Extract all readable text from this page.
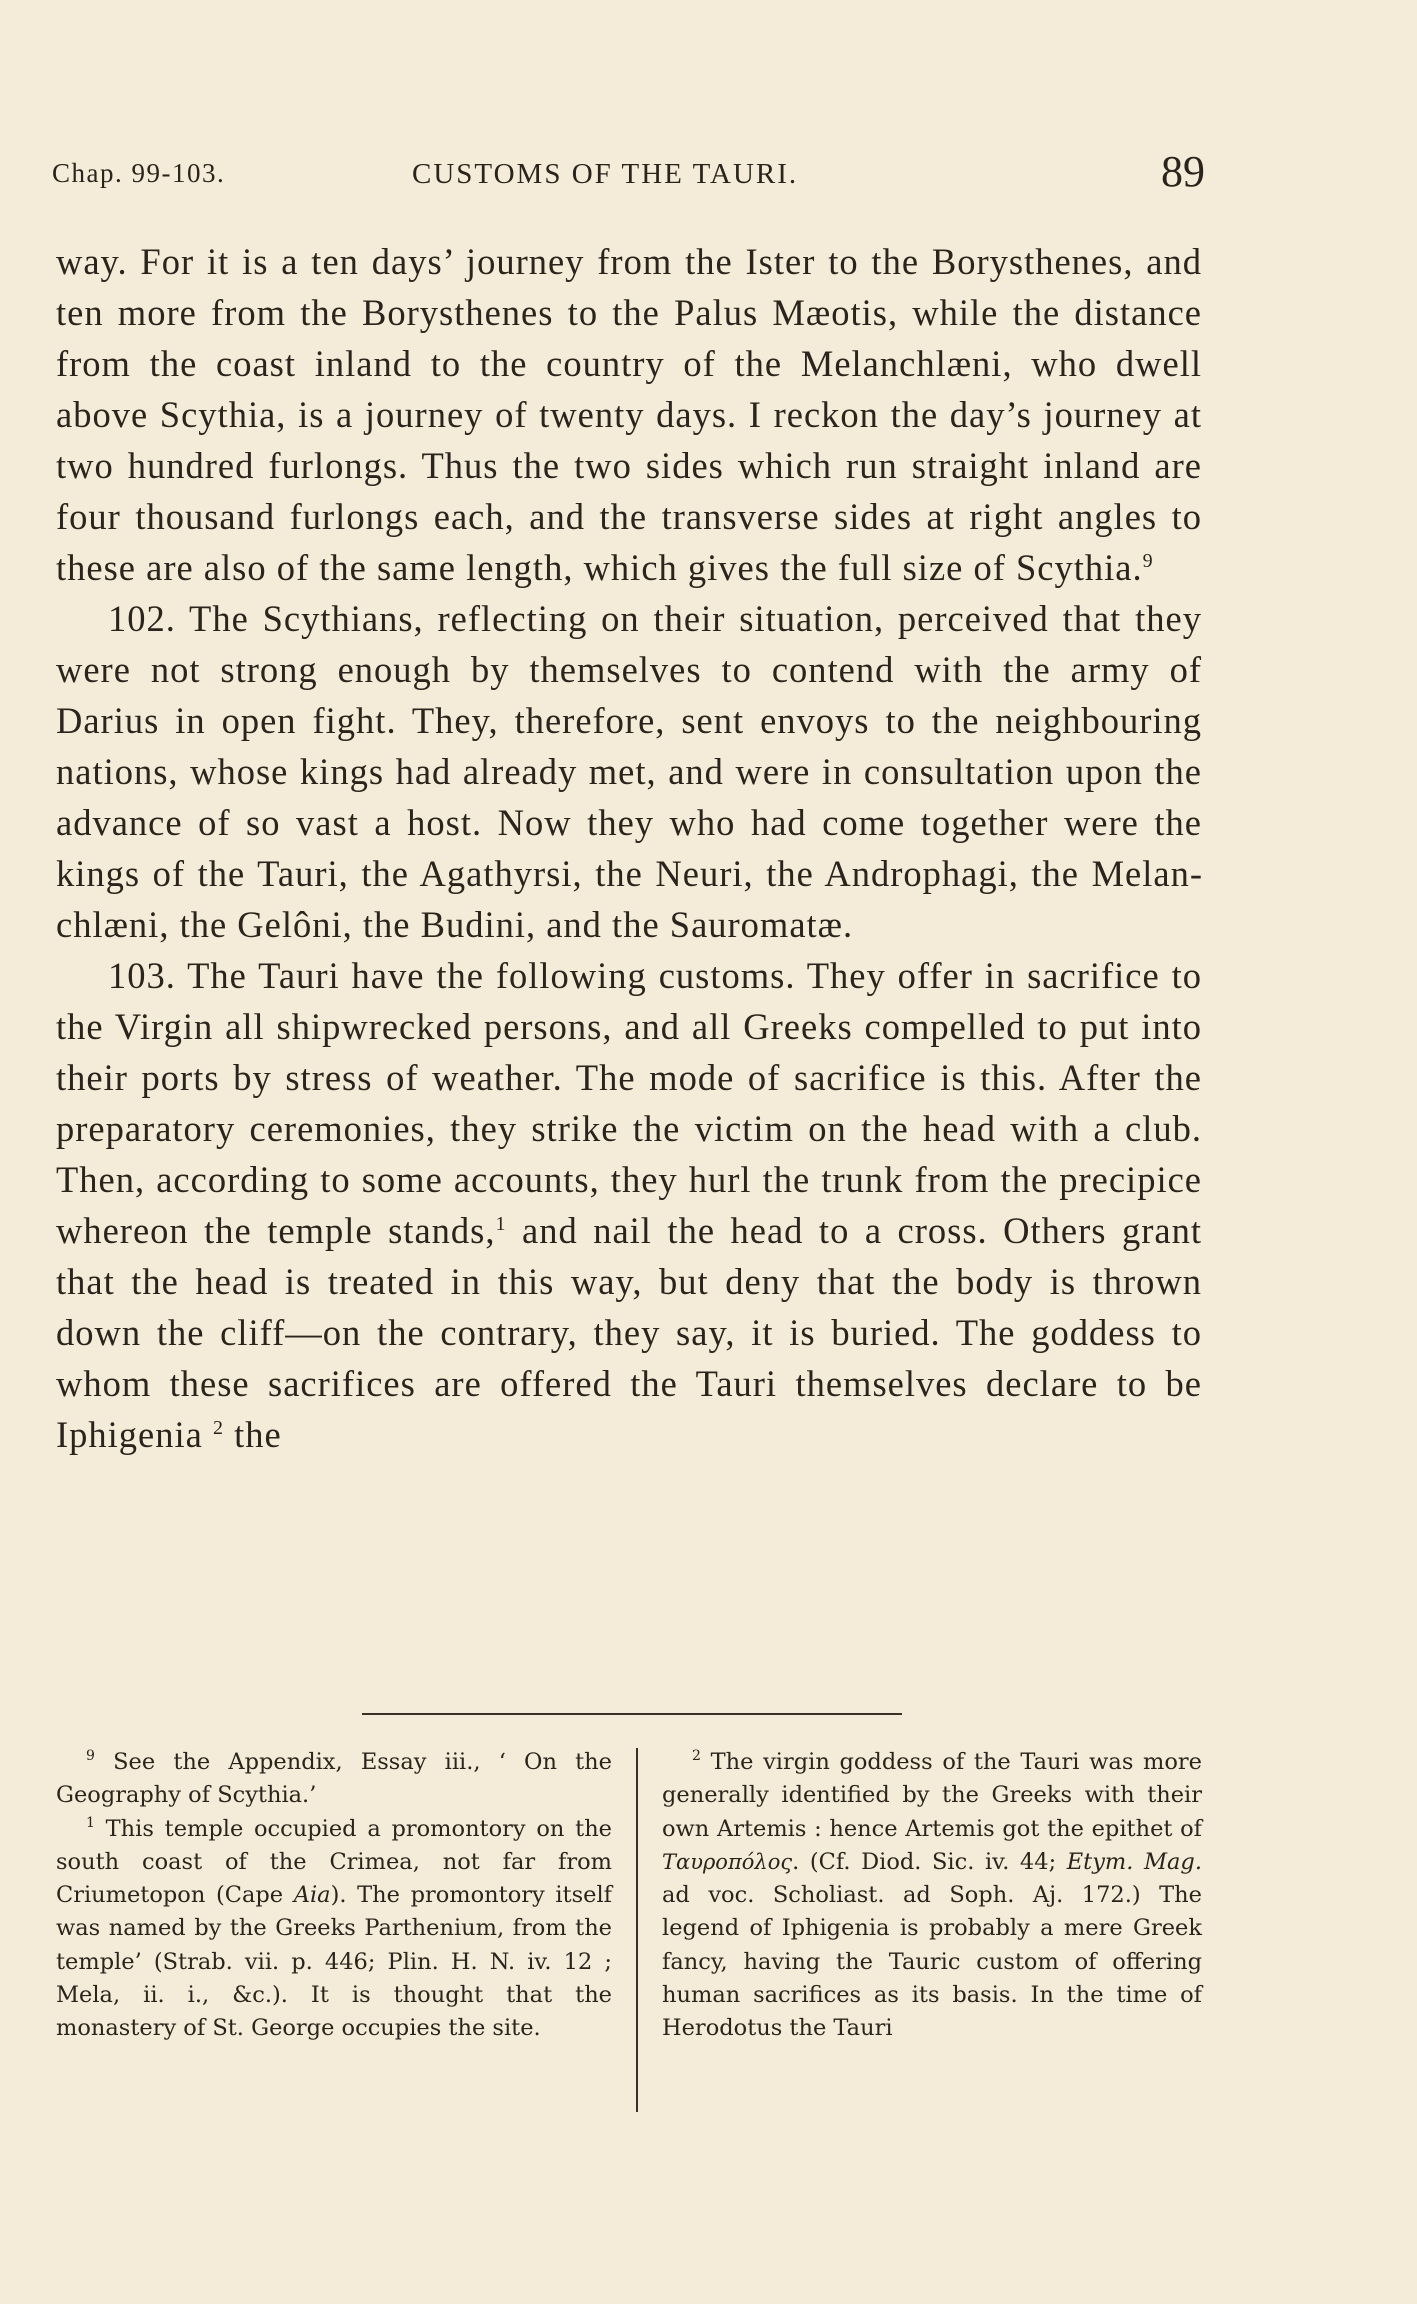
Chap. 99-103.	CUSTOMS OF THE TAURI.	89

way. For it is a ten days’ journey from the Ister to the Borysthenes, and ten more from the Borysthenes to the Palus Mæotis, while the distance from the coast inland to the country of the Melanchlæni, who dwell above Scythia, is a journey of twenty days. I reckon the day’s journey at two hundred furlongs. Thus the two sides which run straight inland are four thousand furlongs each, and the transverse sides at right angles to these are also of the same length, which gives the full size of Scythia.$^9$

102. The Scythians, reflecting on their situation, perceived that they were not strong enough by themselves to contend with the army of Darius in open fight. They, therefore, sent envoys to the neighbouring nations, whose kings had already met, and were in consultation upon the advance of so vast a host. Now they who had come together were the kings of the Tauri, the Agathyrsi, the Neuri, the Androphagi, the Melanchlæni, the Gelôni, the Budini, and the Sauromatæ.

103. The Tauri have the following customs. They offer in sacrifice to the Virgin all shipwrecked persons, and all Greeks compelled to put into their ports by stress of weather. The mode of sacrifice is this. After the preparatory ceremonies, they strike the victim on the head with a club. Then, according to some accounts, they hurl the trunk from the precipice whereon the temple stands,$^1$ and nail the head to a cross. Others grant that the head is treated in this way, but deny that the body is thrown down the cliff—on the contrary, they say, it is buried. The goddess to whom these sacrifices are offered the Tauri themselves declare to be Iphigenia $^2$ the

$^9$ See the Appendix, Essay iii., ‘ On the Geography of Scythia.’

$^1$ This temple occupied a promontory on the south coast of the Crimea, not far from Criumetopon (Cape Aia). The promontory itself was named by the Greeks Parthenium, from the temple’ (Strab. vii. p. 446; Plin. H. N. iv. 12 ; Mela, ii. i., &c.). It is thought that the monastery of St. George occupies the site.

$^2$ The virgin goddess of the Tauri was more generally identified by the Greeks with their own Artemis : hence Artemis got the epithet of Ταυροπόλος. (Cf. Diod. Sic. iv. 44; Etym. Mag. ad voc. Scholiast. ad Soph. Aj. 172.) The legend of Iphigenia is probably a mere Greek fancy, having the Tauric custom of offering human sacrifices as its basis. In the time of Herodotus the Tauri
